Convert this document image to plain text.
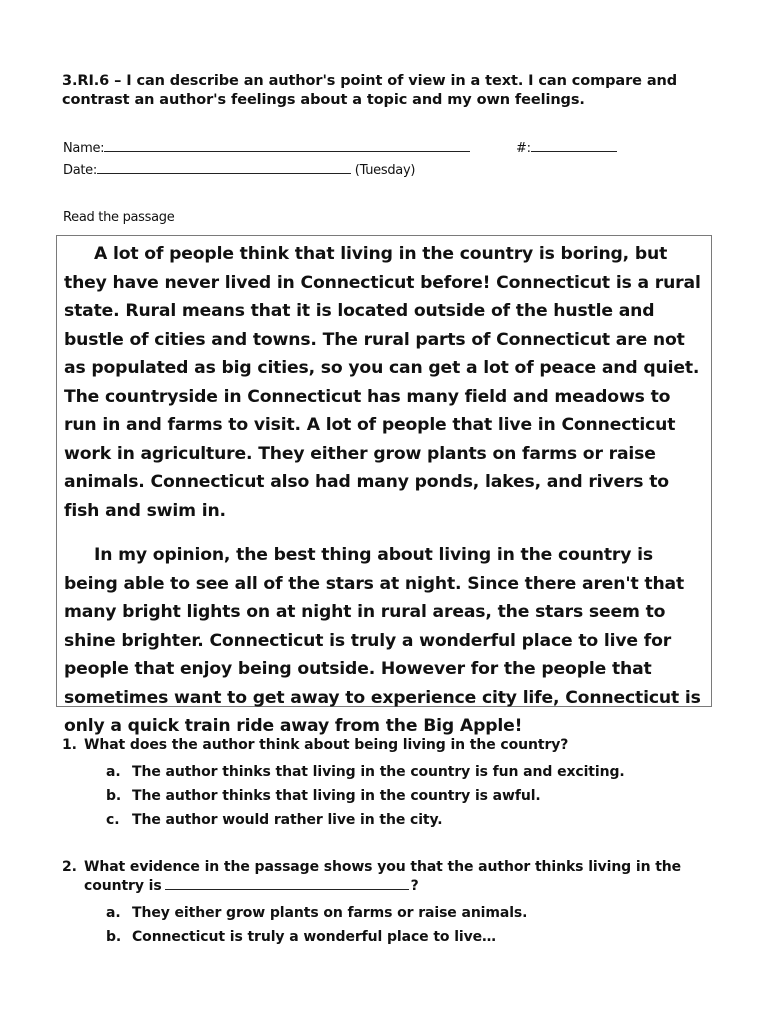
3.RI.6 – I can describe an author's point of view in a text. I can compare and contrast an author's feelings about a topic and my own feelings.
Name:	#:
Date:	(Tuesday)
Read the passage

A lot of people think that living in the country is boring, but they have never lived in Connecticut before! Connecticut is a rural state. Rural means that it is located outside of the hustle and bustle of cities and towns. The rural parts of Connecticut are not as populated as big cities, so you can get a lot of peace and quiet. The countryside in Connecticut has many field and meadows to run in and farms to visit. A lot of people that live in Connecticut work in agriculture. They either grow plants on farms or raise animals. Connecticut also had many ponds, lakes, and rivers to fish and swim in.

In my opinion, the best thing about living in the country is being able to see all of the stars at night. Since there aren't that many bright lights on at night in rural areas, the stars seem to shine brighter. Connecticut is truly a wonderful place to live for people that enjoy being outside. However for the people that sometimes want to get away to experience city life, Connecticut is only a quick train ride away from the Big Apple!

1. What does the author think about being living in the country?
a. The author thinks that living in the country is fun and exciting.
b. The author thinks that living in the country is awful.
c. The author would rather live in the city.
2. What evidence in the passage shows you that the author thinks living in the country is	?
a. They either grow plants on farms or raise animals.
b. Connecticut is truly a wonderful place to live…
